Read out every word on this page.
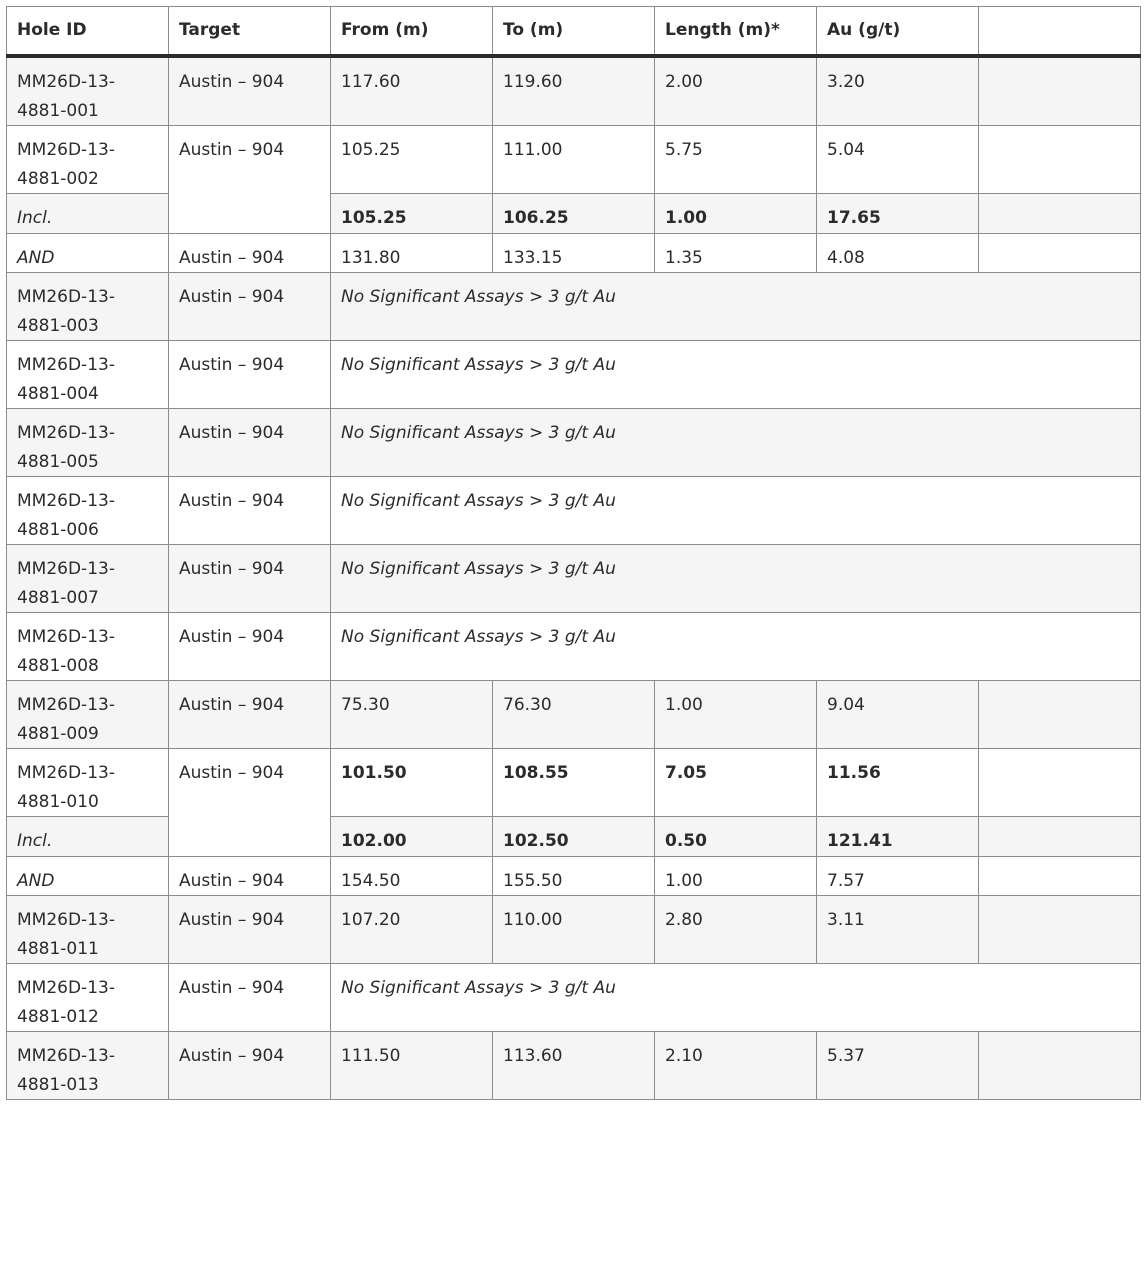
Hole ID	Target	From (m)	To (m)	Length (m)*	Au (g/t)	
MM26D-13-4881-001	Austin – 904	117.60	119.60	2.00	3.20	
MM26D-13-4881-002	Austin – 904	105.25	111.00	5.75	5.04	
Incl.		105.25	106.25	1.00	17.65	
AND	Austin – 904	131.80	133.15	1.35	4.08	
MM26D-13-4881-003	Austin – 904	No Significant Assays > 3 g/t Au				
MM26D-13-4881-004	Austin – 904	No Significant Assays > 3 g/t Au				
MM26D-13-4881-005	Austin – 904	No Significant Assays > 3 g/t Au				
MM26D-13-4881-006	Austin – 904	No Significant Assays > 3 g/t Au				
MM26D-13-4881-007	Austin – 904	No Significant Assays > 3 g/t Au				
MM26D-13-4881-008	Austin – 904	No Significant Assays > 3 g/t Au				
MM26D-13-4881-009	Austin – 904	75.30	76.30	1.00	9.04	
MM26D-13-4881-010	Austin – 904	101.50	108.55	7.05	11.56	
Incl.		102.00	102.50	0.50	121.41	
AND	Austin – 904	154.50	155.50	1.00	7.57	
MM26D-13-4881-011	Austin – 904	107.20	110.00	2.80	3.11	
MM26D-13-4881-012	Austin – 904	No Significant Assays > 3 g/t Au				
MM26D-13-4881-013	Austin – 904	111.50	113.60	2.10	5.37	
